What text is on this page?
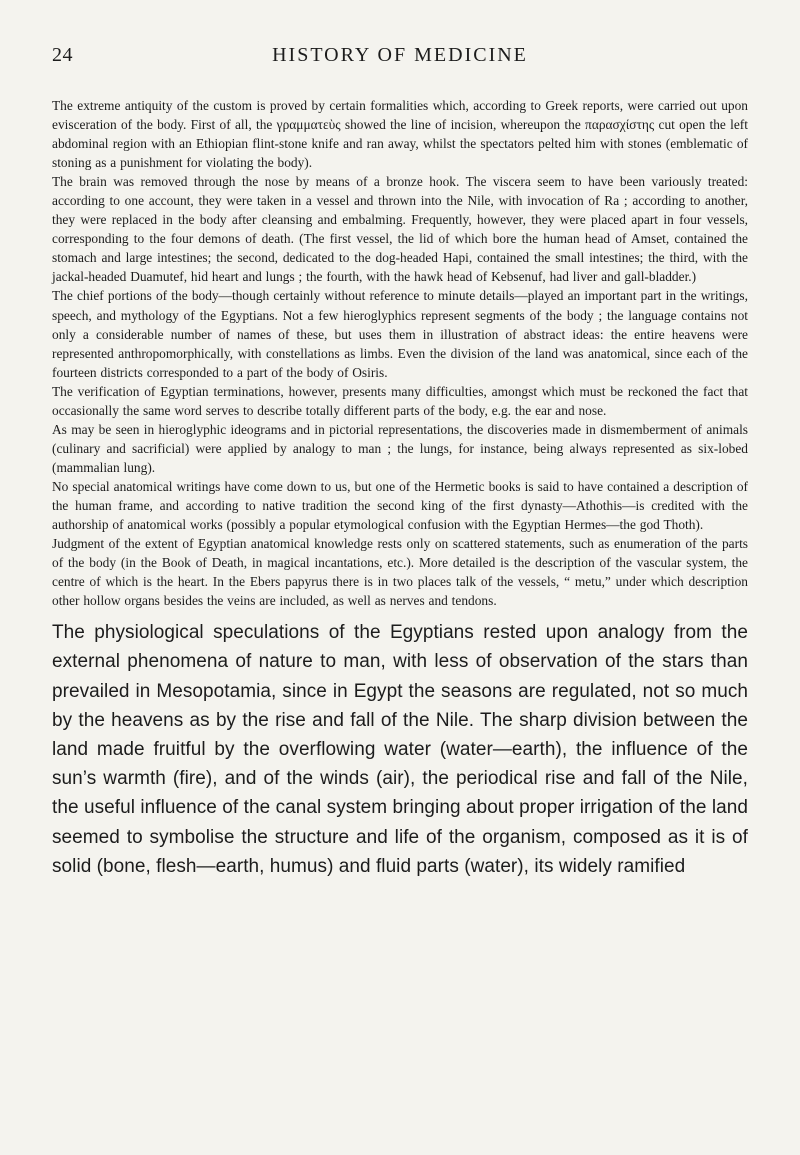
24	HISTORY OF MEDICINE

The extreme antiquity of the custom is proved by certain formalities which, according to Greek reports, were carried out upon evisceration of the body. First of all, the γραμματεὺς showed the line of incision, whereupon the παρασχίστης cut open the left abdominal region with an Ethiopian flint-stone knife and ran away, whilst the spectators pelted him with stones (emblematic of stoning as a punishment for violating the body).

The brain was removed through the nose by means of a bronze hook. The viscera seem to have been variously treated: according to one account, they were taken in a vessel and thrown into the Nile, with invocation of Ra ; according to another, they were replaced in the body after cleansing and embalming. Frequently, however, they were placed apart in four vessels, corresponding to the four demons of death. (The first vessel, the lid of which bore the human head of Amset, contained the stomach and large intestines; the second, dedicated to the dog-headed Hapi, contained the small intestines; the third, with the jackal-headed Duamutef, hid heart and lungs ; the fourth, with the hawk head of Kebsenuf, had liver and gall-bladder.)

The chief portions of the body—though certainly without reference to minute details—played an important part in the writings, speech, and mythology of the Egyptians. Not a few hieroglyphics represent segments of the body ; the language contains not only a considerable number of names of these, but uses them in illustration of abstract ideas: the entire heavens were represented anthropomorphically, with constellations as limbs. Even the division of the land was anatomical, since each of the fourteen districts corresponded to a part of the body of Osiris.

The verification of Egyptian terminations, however, presents many difficulties, amongst which must be reckoned the fact that occasionally the same word serves to describe totally different parts of the body, e.g. the ear and nose.

As may be seen in hieroglyphic ideograms and in pictorial representations, the discoveries made in dismemberment of animals (culinary and sacrificial) were applied by analogy to man ; the lungs, for instance, being always represented as six-lobed (mammalian lung).

No special anatomical writings have come down to us, but one of the Hermetic books is said to have contained a description of the human frame, and according to native tradition the second king of the first dynasty—Athothis—is credited with the authorship of anatomical works (possibly a popular etymological confusion with the Egyptian Hermes—the god Thoth).

Judgment of the extent of Egyptian anatomical knowledge rests only on scattered statements, such as enumeration of the parts of the body (in the Book of Death, in magical incantations, etc.). More detailed is the description of the vascular system, the centre of which is the heart. In the Ebers papyrus there is in two places talk of the vessels, “ metu,” under which description other hollow organs besides the veins are included, as well as nerves and tendons.

The physiological speculations of the Egyptians rested upon analogy from the external phenomena of nature to man, with less of observation of the stars than prevailed in Mesopotamia, since in Egypt the seasons are regulated, not so much by the heavens as by the rise and fall of the Nile. The sharp division between the land made fruitful by the overflowing water (water—earth), the influence of the sun’s warmth (fire), and of the winds (air), the periodical rise and fall of the Nile, the useful influence of the canal system bringing about proper irrigation of the land seemed to symbolise the structure and life of the organism, composed as it is of solid (bone, flesh—earth, humus) and fluid parts (water), its widely ramified
